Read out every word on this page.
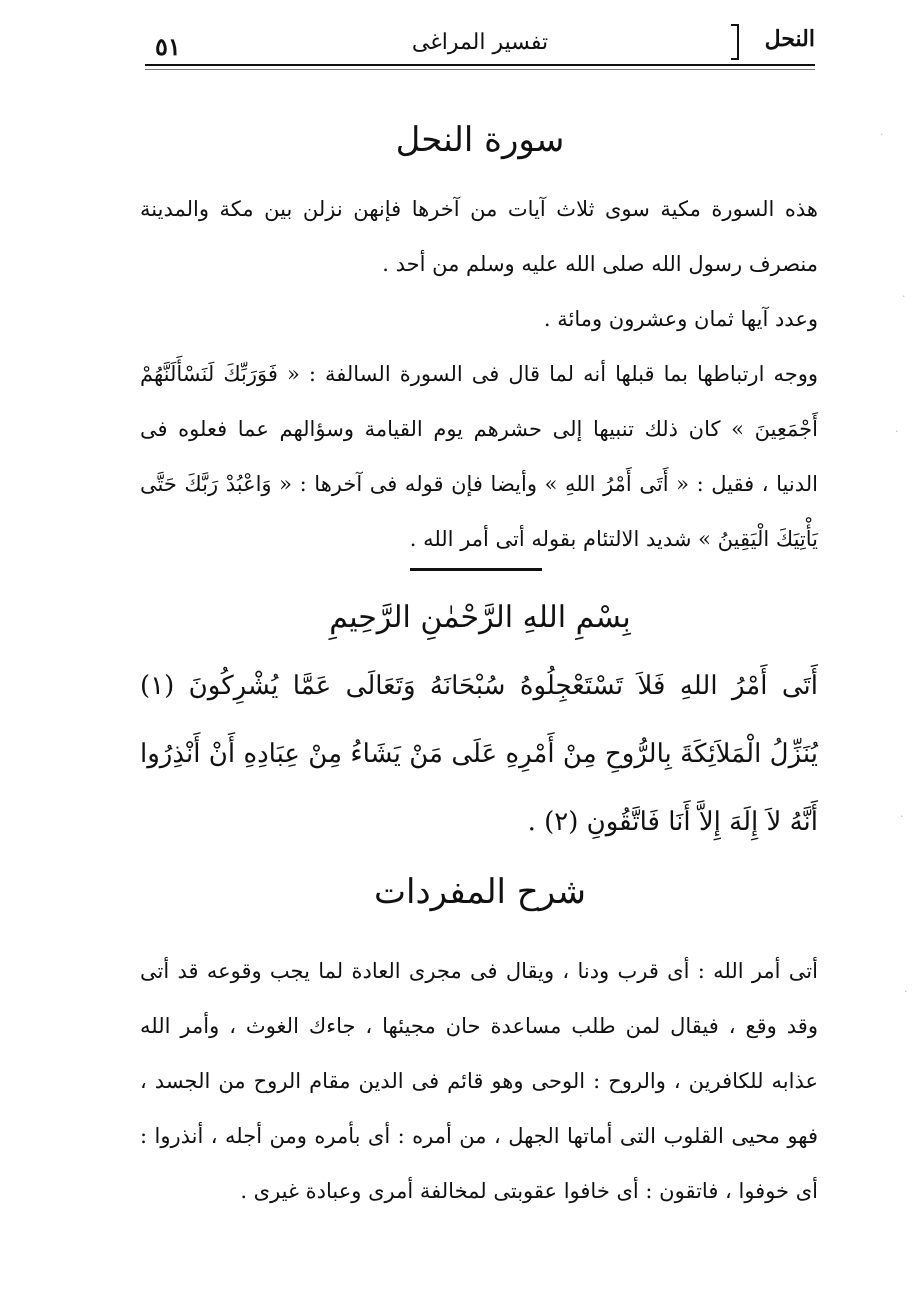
٥١	تفسير المراغى	النحل
سورة النحل

هذه السورة مكية سوى ثلاث آيات من آخرها فإنهن نزلن بين مكة والمدينة منصرف رسول الله صلى الله عليه وسلم من أحد .

وعدد آيها ثمان وعشرون ومائة .

ووجه ارتباطها بما قبلها أنه لما قال فى السورة السالفة : « فَوَرَبِّكَ لَنَسْأَلَنَّهُمْ أَجْمَعِينَ » كان ذلك تنبيها إلى حشرهم يوم القيامة وسؤالهم عما فعلوه فى الدنيا ، فقيل : « أَتَى أَمْرُ اللهِ » وأيضا فإن قوله فى آخرها : « وَاعْبُدْ رَبَّكَ حَتَّى يَأْتِيَكَ الْيَقِينُ » شديد الالتئام بقوله أتى أمر الله .

بِسْمِ اللهِ الرَّحْمٰنِ الرَّحِيمِ
أَتَى أَمْرُ اللهِ فَلاَ تَسْتَعْجِلُوهُ سُبْحَانَهُ وَتَعَالَى عَمَّا يُشْرِكُونَ (١) يُنَزِّلُ الْمَلاَئِكَةَ بِالرُّوحِ مِنْ أَمْرِهِ عَلَى مَنْ يَشَاءُ مِنْ عِبَادِهِ أَنْ أَنْذِرُوا أَنَّهُ لاَ إِلَهَ إِلاَّ أَنَا فَاتَّقُونِ (٢) .
شرح المفردات
أتى أمر الله : أى قرب ودنا ، ويقال فى مجرى العادة لما يجب وقوعه قد أتى وقد وقع ، فيقال لمن طلب مساعدة حان مجيئها ، جاءك الغوث ، وأمر الله عذابه للكافرين ، والروح : الوحى وهو قائم فى الدين مقام الروح من الجسد ، فهو محيى القلوب التى أماتها الجهل ، من أمره : أى بأمره ومن أجله ، أنذروا : أى خوفوا ، فاتقون : أى خافوا عقوبتى لمخالفة أمرى وعبادة غيرى .
·
·
·
·
·
